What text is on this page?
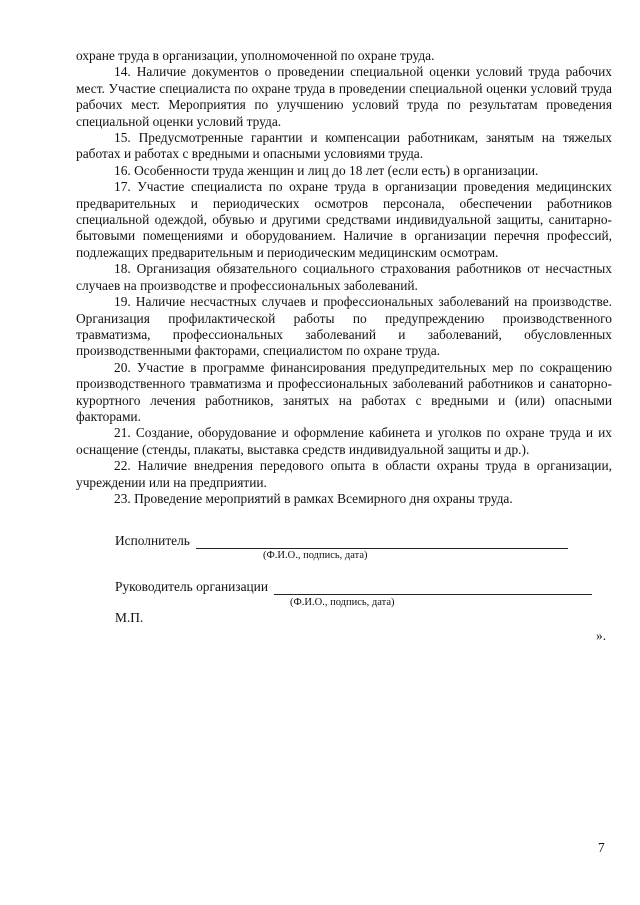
охране труда в организации, уполномоченной по охране труда.

14. Наличие документов о проведении специальной оценки условий труда рабочих мест. Участие специалиста по охране труда в проведении специальной оценки условий труда рабочих мест. Мероприятия по улучшению условий труда по результатам проведения специальной оценки условий труда.

15. Предусмотренные гарантии и компенсации работникам, занятым на тяжелых работах и работах с вредными и опасными условиями труда.

16. Особенности труда женщин и лиц до 18 лет (если есть) в организации.

17. Участие специалиста по охране труда в организации проведения медицинских предварительных и периодических осмотров персонала, обеспечении работников специальной одеждой, обувью и другими средствами индивидуальной защиты, санитарно-бытовыми помещениями и оборудованием. Наличие в организации перечня профессий, подлежащих предварительным и периодическим медицинским осмотрам.

18. Организация обязательного социального страхования работников от несчастных случаев на производстве и профессиональных заболеваний.

19. Наличие несчастных случаев и профессиональных заболеваний на производстве. Организация профилактической работы по предупреждению производственного травматизма, профессиональных заболеваний и заболеваний, обусловленных производственными факторами, специалистом по охране труда.

20. Участие в программе финансирования предупредительных мер по сокращению производственного травматизма и профессиональных заболеваний работников и санаторно-курортного лечения работников, занятых на работах с вредными и (или) опасными факторами.

21. Создание, оборудование и оформление кабинета и уголков по охране труда и их оснащение (стенды, плакаты, выставка средств индивидуальной защиты и др.).

22. Наличие внедрения передового опыта в области охраны труда в организации, учреждении или на предприятии.

23. Проведение мероприятий в рамках Всемирного дня охраны труда.

Исполнитель
(Ф.И.О., подпись, дата)
Руководитель организации
(Ф.И.О., подпись, дата)
М.П.
».
7
